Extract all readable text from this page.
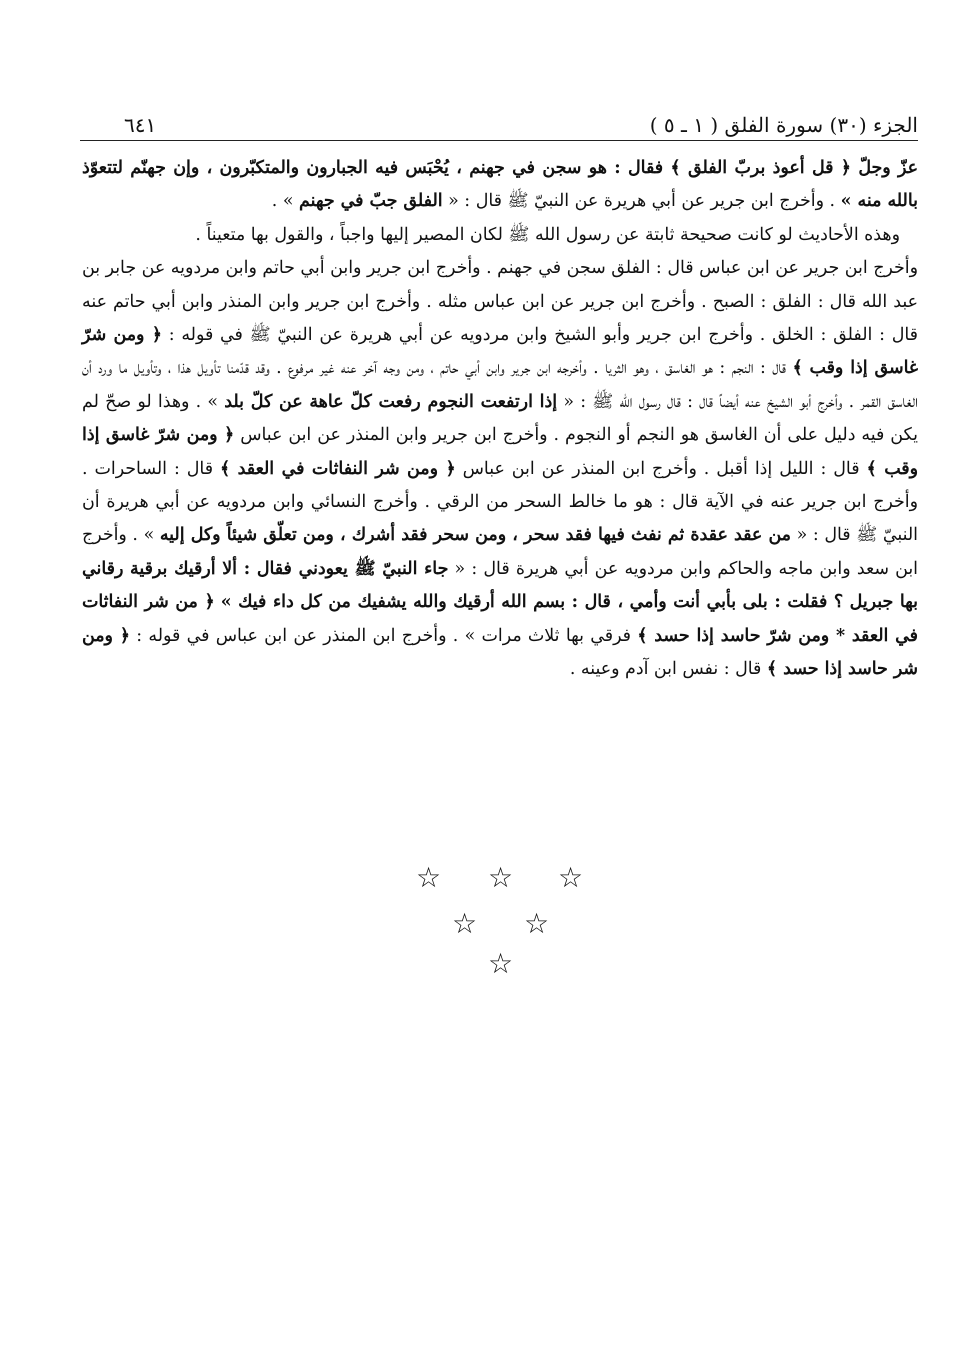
الجزء (٣٠) سورة الفلق ( ١ ـ ٥ )
٦٤١

عزّ وجلّ ﴿ قل أعوذ بربّ الفلق ﴾ فقال : هو سجن في جهنم ، يُحْبَس فيه الجبارون والمتكبّرون ، وإن جهنّم لتتعوّذ بالله منه » . وأخرج ابن جرير عن أبي هريرة عن النبيّ ﷺ قال : « الفلق جبّ في جهنم » .

وهذه الأحاديث لو كانت صحيحة ثابتة عن رسول الله ﷺ لكان المصير إليها واجباً ، والقول بها متعيناً .

وأخرج ابن جرير عن ابن عباس قال : الفلق سجن في جهنم . وأخرج ابن جرير وابن أبي حاتم وابن مردويه عن جابر بن عبد الله قال : الفلق : الصبح . وأخرج ابن جرير عن ابن عباس مثله . وأخرج ابن جرير وابن المنذر وابن أبي حاتم عنه قال : الفلق : الخلق . وأخرج ابن جرير وأبو الشيخ وابن مردويه عن أبي هريرة عن النبيّ ﷺ في قوله : ﴿ ومن شرّ غاسق إذا وقب ﴾ قال : النجم : هو الغاسق ، وهو الثريا . وأخرجه ابن جرير وابن أبي حاتم ، ومن وجه آخر عنه غير مرفوع . وقد قدّمنا تأويل هذا ، وتأويل ما ورد أن الغاسق القمر . وأخرج أبو الشيخ عنه أيضاً قال : قال رسول الله ﷺ : « إذا ارتفعت النجوم رفعت كلّ عاهة عن كلّ بلد » . وهذا لو صحّ لم يكن فيه دليل على أن الغاسق هو النجم أو النجوم . وأخرج ابن جرير وابن المنذر عن ابن عباس ﴿ ومن شرّ غاسق إذا وقب ﴾ قال : الليل إذا أقبل . وأخرج ابن المنذر عن ابن عباس ﴿ ومن شر النفاثات في العقد ﴾ قال : الساحرات . وأخرج ابن جرير عنه في الآية قال : هو ما خالط السحر من الرقي . وأخرج النسائي وابن مردويه عن أبي هريرة أن النبيّ ﷺ قال : « من عقد عقدة ثم نفث فيها فقد سحر ، ومن سحر فقد أشرك ، ومن تعلّق شيئاً وكل إليه » . وأخرج ابن سعد وابن ماجه والحاكم وابن مردويه عن أبي هريرة قال : « جاء النبيّ ﷺ يعودني فقال : ألا أرقيك برقية رقاني بها جبريل ؟ فقلت : بلى بأبي أنت وأمي ، قال : بسم الله أرقيك والله يشفيك من كل داء فيك » ﴿ من شر النفاثات في العقد * ومن شرّ حاسد إذا حسد ﴾ فرقي بها ثلاث مرات » . وأخرج ابن المنذر عن ابن عباس في قوله : ﴿ ومن شر حاسد إذا حسد ﴾ قال : نفس ابن آدم وعينه .

☆ ☆ ☆
☆ ☆
☆
